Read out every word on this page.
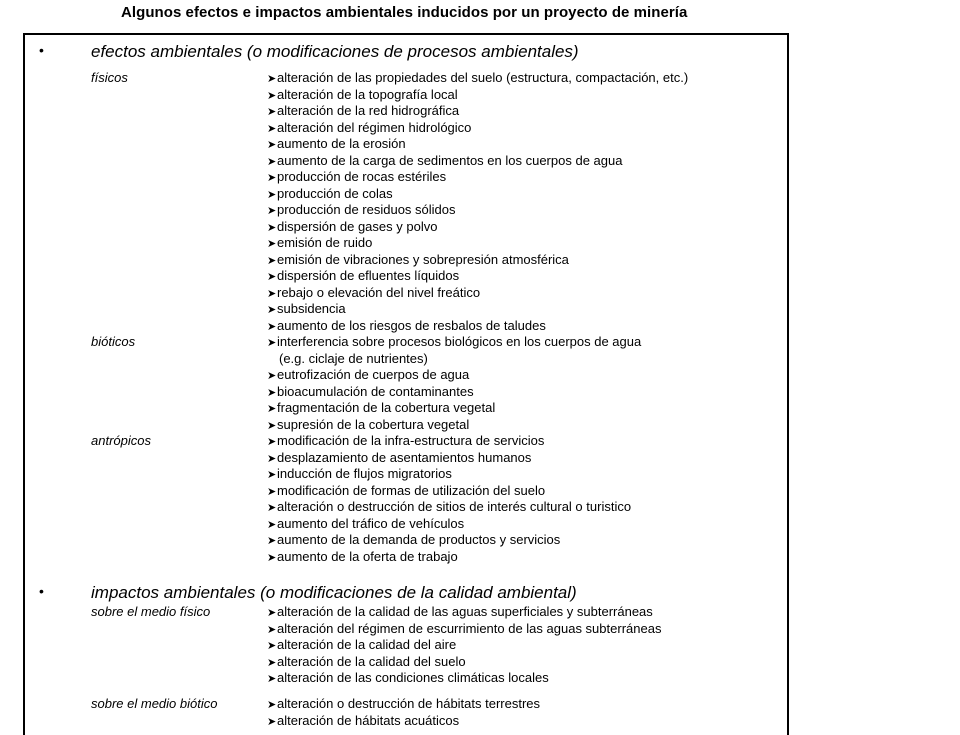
Algunos efectos e impactos ambientales inducidos por un proyecto de minería
•	efectos ambientales (o modificaciones de procesos ambientales)
físicos	➤alteración de las propiedades del suelo (estructura, compactación, etc.)
➤alteración de la topografía local
➤alteración de la red hidrográfica
➤alteración del régimen hidrológico
➤aumento de la erosión
➤aumento de la carga de sedimentos en los cuerpos de agua
➤producción de rocas estériles
➤producción de colas
➤producción de residuos sólidos
➤dispersión de gases y polvo
➤emisión de ruido
➤emisión de vibraciones y sobrepresión atmosférica
➤dispersión de efluentes líquidos
➤rebajo o elevación del nivel freático
➤subsidencia
➤aumento de los riesgos de resbalos de taludes
bióticos	➤interferencia sobre procesos biológicos en los cuerpos de agua
(e.g. ciclaje de nutrientes)
➤eutrofización de cuerpos de agua
➤bioacumulación de contaminantes
➤fragmentación de la cobertura vegetal
➤supresión de la cobertura vegetal
antrópicos	➤modificación de la infra-estructura de servicios
➤desplazamiento de asentamientos humanos
➤inducción de flujos migratorios
➤modificación de formas de utilización del suelo
➤alteración o destrucción de sitios de interés cultural o turistico
➤aumento del tráfico de vehículos
➤aumento de la demanda de productos y servicios
➤aumento de la oferta de trabajo
•	impactos ambientales (o modificaciones de la calidad ambiental)
sobre el medio físico	➤alteración de la calidad de las aguas superficiales y subterráneas
➤alteración del régimen de escurrimiento de las aguas subterráneas
➤alteración de la calidad del aire
➤alteración de la calidad del suelo
➤alteración de las condiciones climáticas locales
sobre el medio biótico	➤alteración o destrucción de hábitats terrestres
➤alteración de hábitats acuáticos
